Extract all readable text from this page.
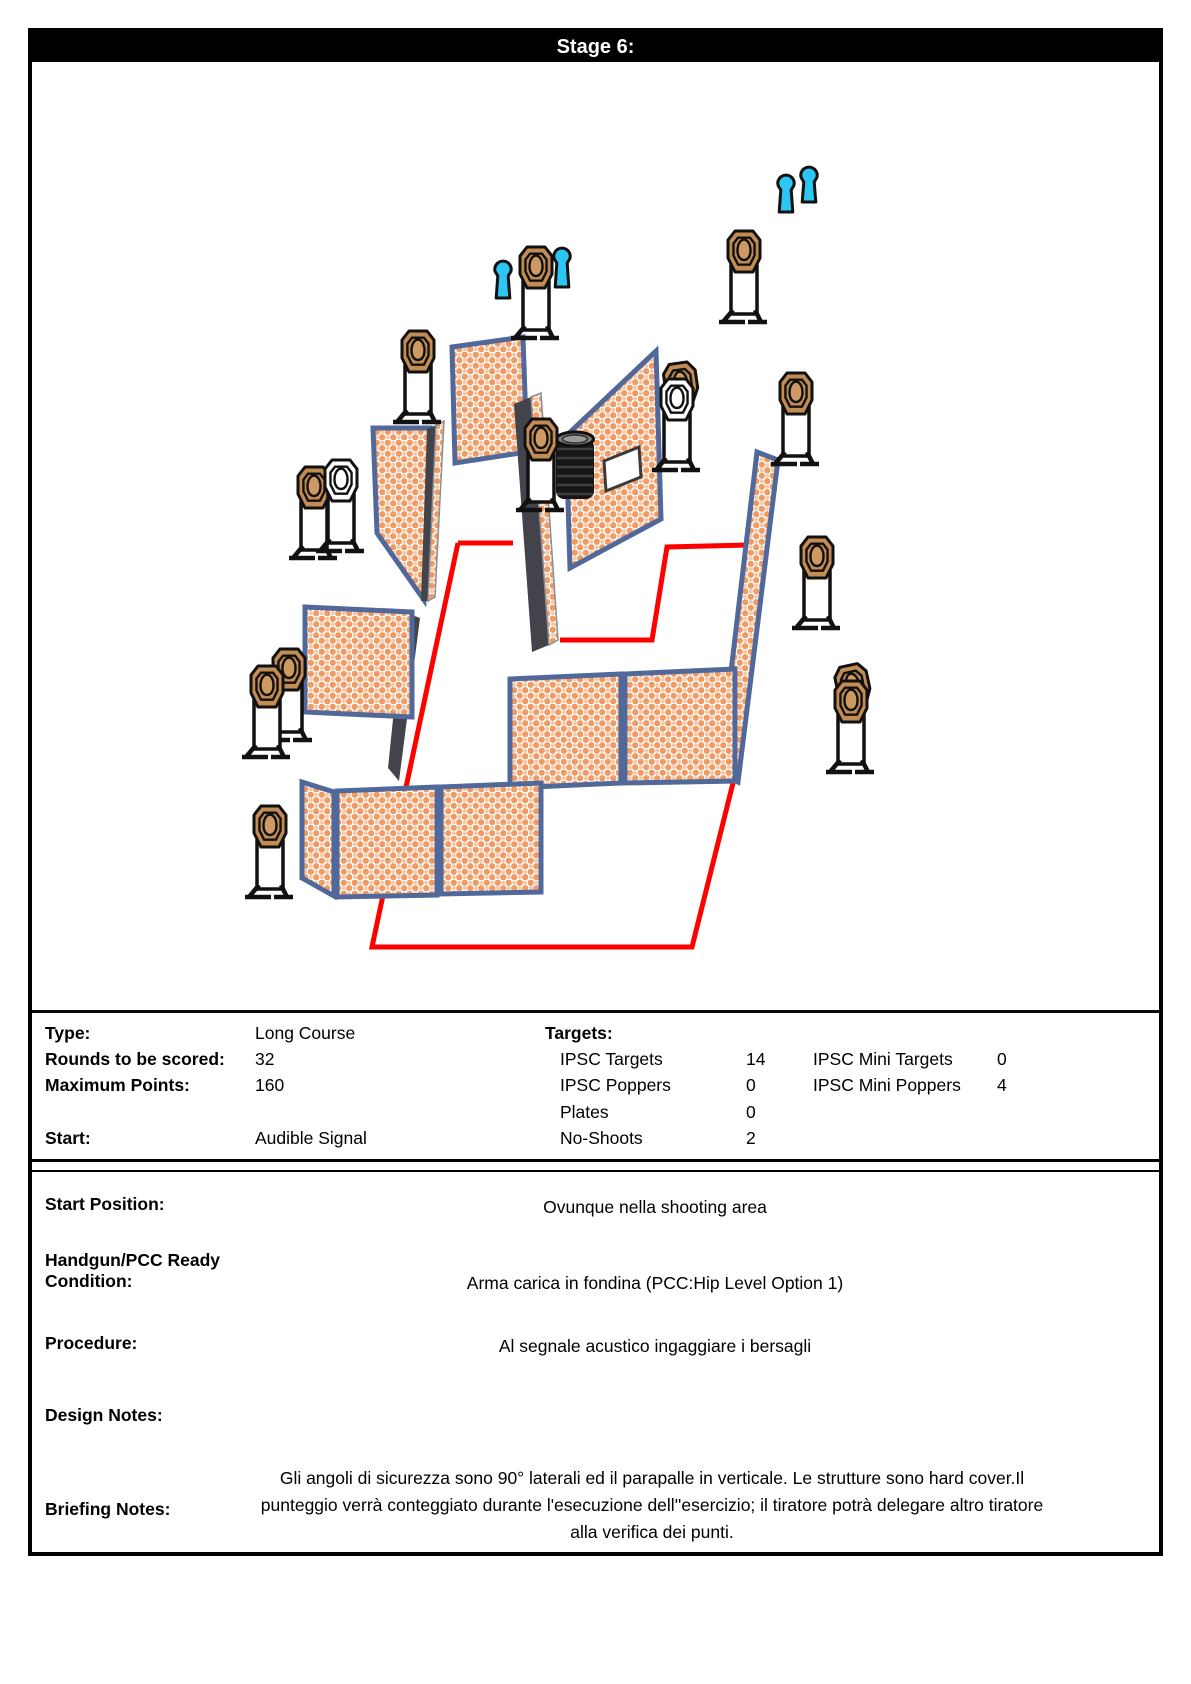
Stage 6:
Type:	Long Course	Targets:
Rounds to be scored:	32	IPSC Targets	14	IPSC Mini Targets	0
Maximum Points:	160	IPSC Poppers	0	IPSC Mini Poppers	4
Plates	0
Start:	Audible Signal	No-Shoots	2
Start Position:	Ovunque nella shooting area
Handgun/PCC Ready Condition:	Arma carica in fondina (PCC:Hip Level Option 1)
Procedure:	Al segnale acustico ingaggiare i bersagli
Design Notes:
Briefing Notes:
Gli angoli di sicurezza sono 90° laterali ed il parapalle in verticale. Le strutture sono hard cover.Il punteggio verrà conteggiato durante l'esecuzione dell''esercizio; il tiratore potrà delegare altro tiratore alla verifica dei punti.
